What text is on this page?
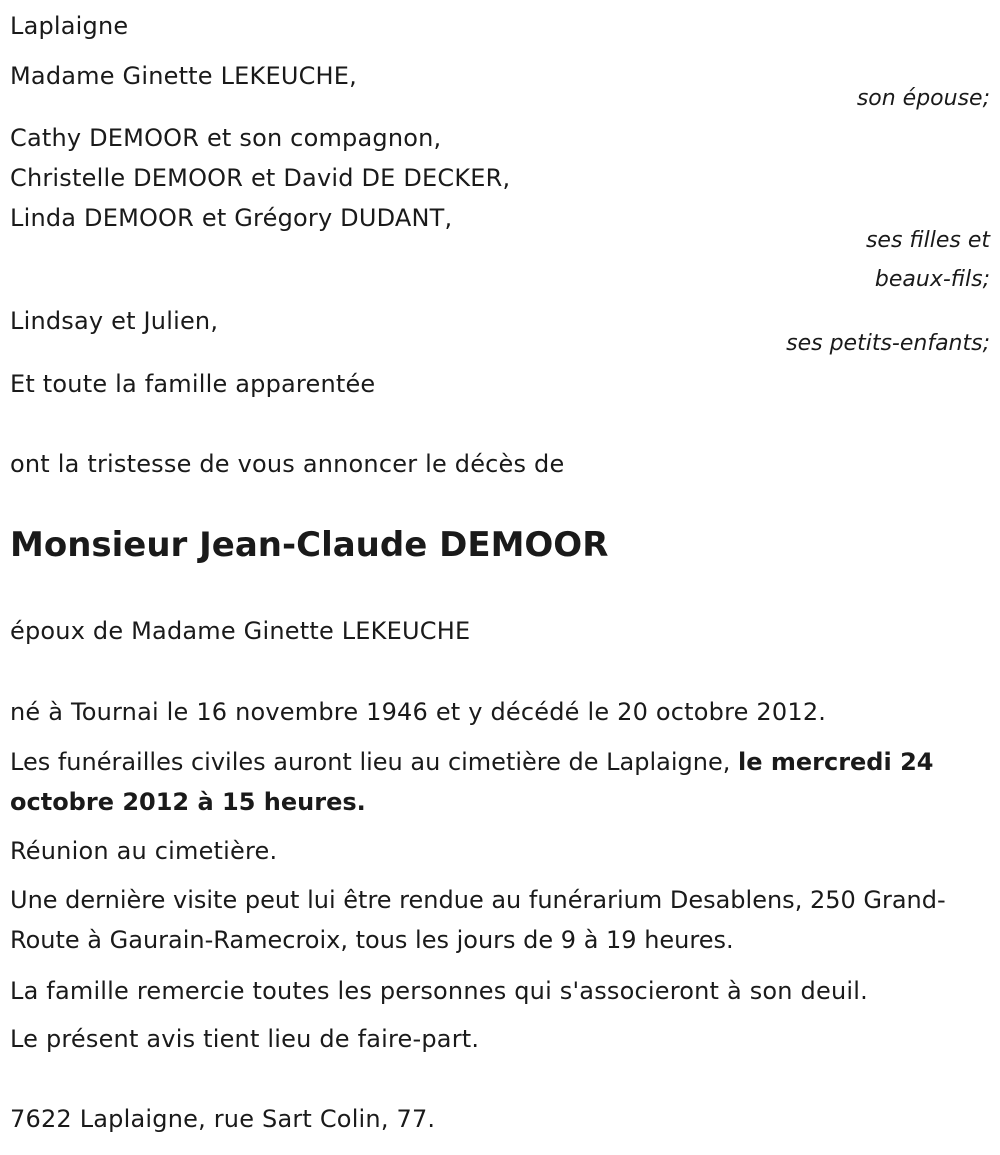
Laplaigne
Madame Ginette LEKEUCHE,
son épouse;
Cathy DEMOOR et son compagnon,
Christelle DEMOOR et David DE DECKER,
Linda DEMOOR et Grégory DUDANT,
ses filles et
beaux-fils;
Lindsay et Julien,
ses petits-enfants;
Et toute la famille apparentée
ont la tristesse de vous annoncer le décès de
Monsieur Jean-Claude DEMOOR
époux de Madame Ginette LEKEUCHE
né à Tournai le 16 novembre 1946 et y décédé le 20 octobre 2012.
Les funérailles civiles auront lieu au cimetière de Laplaigne, le mercredi 24 octobre 2012 à 15 heures.
Réunion au cimetière.
Une dernière visite peut lui être rendue au funérarium Desablens, 250 Grand-Route à Gaurain-Ramecroix, tous les jours de 9 à 19 heures.
La famille remercie toutes les personnes qui s'associeront à son deuil.
Le présent avis tient lieu de faire-part.
7622 Laplaigne, rue Sart Colin, 77.
